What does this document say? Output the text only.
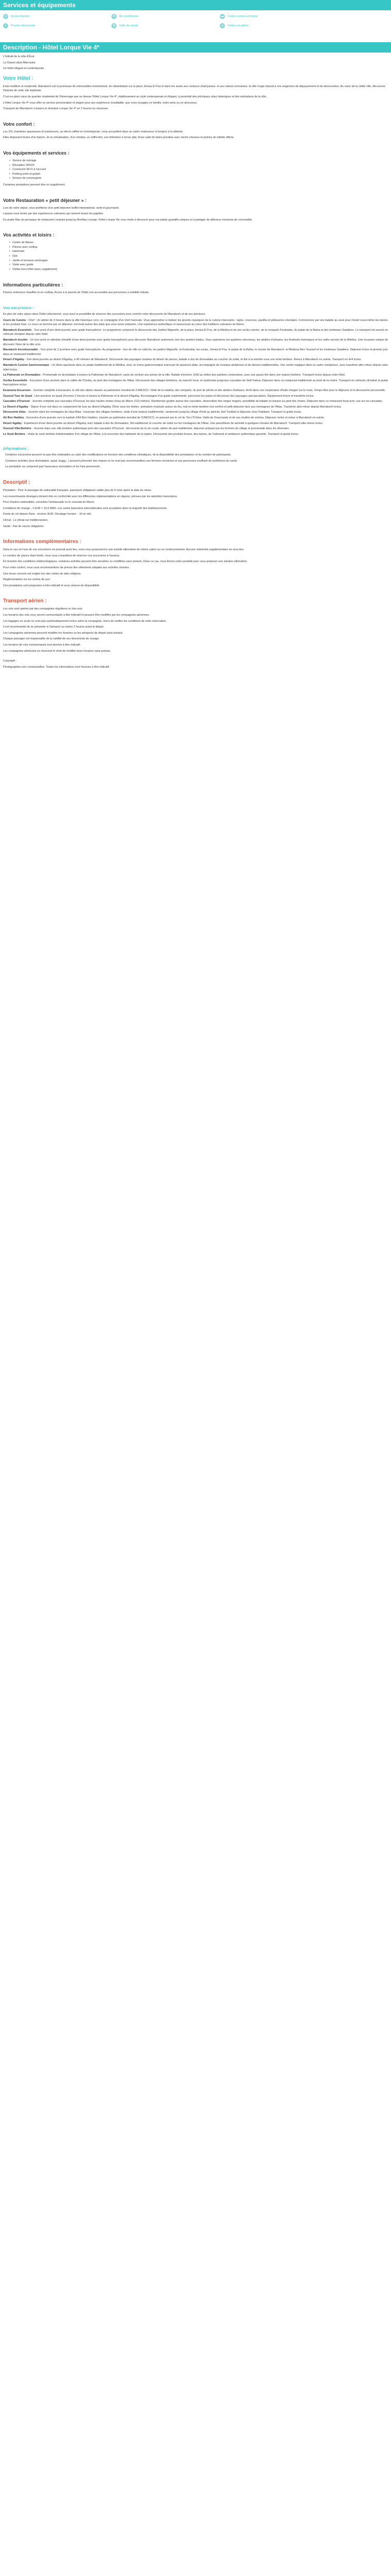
Services et équipements
◎	Accès Internet	❄	Air conditionné	▬	Centre remise en forme
≈	Piscine découverte	■	Salle de sports	▲	Visites en option
Description - Hôtel Lorque Vie 4*
L'Intitulé de la ville d'Évra
La Grand cabot Marrouise
Un hôtel élégant et contemporain
Votre Hôtel :
Entre tradition et modernité, Marrakech est la promesse de mémorables évènements. En déambulant sur la place Jemaa El Fna et dans les souks aux couleurs chatoyantes, et aux odeurs enivrantes, la ville rouge répond à vos exigences de dépaysement et de découvertes. Au cœur de la vieille ville, découvrez l'histoire de cette cité impériale.
C'est en plein cœur du quartier résidentiel de l'Hivernage que se dresse l'hôtel Lorque Vie 4*, établissement au style contemporain et élégant, à proximité des principaux sites historiques et des animations de la ville.
L'hôtel Lorque Vie 4* vous offre un service personnalisé et soigné pour une expérience inoubliable, que vous voyagiez en famille, entre amis ou en amoureux.
Transport de Marrakech à travers le domaine Lorque Vie 4* en 2 heures en moyenne.
Votre confort :
Les 151 chambres spacieuses et lumineuses, au décor raffiné et contemporain, vous accueillent dans un cadre chaleureux et propice à la détente.
Elles disposent toutes d'un balcon, de la climatisation, d'un minibar, un coffre-fort, une télévision à écran plat, d'une salle de bains privative avec sèche-cheveux et articles de toilette offerts.
Vos équipements et services :
• Service de ménage
• Réception 24h/24
• Connexion Wi-Fi à l'accueil
• Parking privé et gratuit
• Service de conciergerie
Certaines prestations peuvent être en supplément.
Votre Restauration « petit déjeuner » :
Lors de votre séjour, vous profiterez d'un petit déjeuner buffet international, varié et gourmand.
Laissez-vous tenter par des expériences culinaires qui raviront toutes les papilles.
Du pirate Mac du persaque de restaurant Lorquies jusqu'au Rooftop Lounge, l'hôtel Lorque Vie vous invite à découvrir pour vos plaisir gustatifs uniques et à partager de délicieux moments de convivialité.
Vos activités et loisirs :
• Centre de fitness
• Piscine avec rooftop
• Hammam
• Spa
• Jardin et terrasse aménagés
• Visite avec guide
• Visites hors hôtel (avec supplément)
Informations particulières :
Piscine extérieure chauffée et en rooftop. Accès à la piscine de l'hôtel non accessible aux personnes à mobilité réduite.
Vos excursions :
En plus de votre séjour dans l'hôtel sélectionné, vous avez la possibilité de réserver des excursions pour enrichir votre découverte de Marrakech et de ses alentours.
Cours de Cuisine - Chef : Un atelier de 3 heures dans la ville historique ocre, en compagnie d'un chef marocain. Vous apprendrez à réaliser les grands classiques de la cuisine marocaine : tajine, couscous, pastilla et pâtisseries orientales. Commencez par une balade au souk pour choisir vous-même les épices et les produits frais. Le cours se termine par un déjeuner convivial autour des plats que vous aurez préparés. Une expérience authentique et savoureuse au cœur des traditions culinaires du Maroc.
Marrakech Essentiels - Tour privé d'une demi-journée avec guide francophone. Le programme comprend la découverte des Jardins Majorelle, de la place Jemaa El Fna, de la Médina et de ses souks colorés, de la mosquée Koutoubia, du palais de la Bahia et des tombeaux Saadiens. Le transport est assuré en véhicule climatisé depuis votre hôtel.
Marrakech Insolite - Un tour privé et intimiste (émaillé d'une demi-journée avec guide francophone) pour découvrir Marrakech autrement, loin des sentiers battus. Vous explorerez les quartiers méconnus, les ateliers d'artisans, les fondouks historiques et les cafés secrets de la Médina. Une occasion unique de découvrir l'âme de la ville ocre.
Marrakech Incontournable - Tour privé de 2 journées avec guide francophone. Au programme : tour de ville en calèche, les jardins Majorelle, la Koutoubia, les souks, Jemaa El Fna, le palais de la Bahia, le musée de Marrakech, la Médersa Ben Youssef et les tombeaux Saadiens. Déjeuner inclus le premier jour dans un restaurant traditionnel.
Désert d'Agafay - Une demi-journée au désert d'Agafay, à 40 minutes de Marrakech. Découverte des paysages lunaires du désert de pierres, balade à dos de dromadaire au coucher du soleil, et thé à la menthe sous une tente berbère. Retour à Marrakech en soirée. Transport en 4x4 inclus.
Marrakech Cuisine Gastronomique - Un dîner-spectacle dans un palais traditionnel de la Médina, avec un menu gastronomique marocain de plusieurs plats, accompagné de musique andalouse et de danses traditionnelles. Une soirée magique dans un cadre somptueux, avec transferts aller-retour depuis votre hôtel inclus.
La Palmeraie en Dromadaire - Promenade en dromadaire à travers la Palmeraie de Marrakech, oasis de verdure aux portes de la ville. Balade d'environ 1h30 au milieu des palmiers centenaires, avec une pause thé dans une maison berbère. Transport inclus depuis votre hôtel.
Ourika Essentielle - Excursion d'une journée dans la vallée de l'Ourika, au pied des montagnes de l'Atlas. Découverte des villages berbères, du marché local, et randonnée jusqu'aux cascades de Setti Fatma. Déjeuner dans un restaurant traditionnel au bord de la rivière. Transport en véhicule climatisé et guide francophone inclus.
Essaouira Excursion - Journée complète à Essaouira, la cité des alizés classée au patrimoine mondial de l'UNESCO. Visite de la médina, des remparts, du port de pêche et des ateliers d'artisans. Arrêt dans une coopérative d'huile d'argan sur la route. Temps libre pour le déjeuner et la découverte personnelle.
Ouzoud Tour de Quad - Une aventure en quad d'environ 2 heures à travers la Palmeraie et le désert d'Agafay. Accompagné d'un guide expérimenté, parcourez les pistes et découvrez des paysages spectaculaires. Équipement fourni et transferts inclus.
Cascades d'Ouzoud - Journée complète aux cascades d'Ouzoud, les plus hautes chutes d'eau du Maroc (110 mètres). Randonnée guidée autour des cascades, observation des singes magots, possibilité de balade en barque au pied des chutes. Déjeuner dans un restaurant local avec vue sur les cascades.
Le Désert d'Agafay - Séjour d'une nuit dans un campement de luxe au désert d'Agafay. Dîner sous les étoiles, animation musicale autour du feu, nuit en tente berbère tout confort et petit-déjeuner face aux montagnes de l'Atlas. Transferts aller-retour depuis Marrakech inclus.
Découverte Atlas - Journée dans les montagnes du Haut Atlas : traversée des villages berbères, visite d'une maison traditionnelle, randonnée jusqu'au village d'Imlil au pied du Jbel Toubkal et déjeuner chez l'habitant. Transport et guide inclus.
Ait Ben Haddou - Excursion d'une journée vers la kasbah d'Aït Ben Haddou, classée au patrimoine mondial de l'UNESCO, en passant par le col du Tizi n'Tichka. Visite de Ouarzazate et de ses studios de cinéma. Déjeuner inclus et retour à Marrakech en soirée.
Désert Agafay - Expérience d'une demi-journée au désert d'Agafay avec balade à dos de dromadaire, thé traditionnel et coucher de soleil sur les montagnes de l'Atlas. Une parenthèse de sérénité à quelques minutes de Marrakech. Transport aller-retour inclus.
Ouzoud Villa Berbère - Journée dans une villa berbère authentique près des cascades d'Ouzoud : découverte de la vie rurale, atelier de pain traditionnel, déjeuner préparé par les femmes du village et promenade dans les oliveraies.
Le Souk Berbère - Visite du souk berbère hebdomadaire d'un village de l'Atlas, à la rencontre des habitants de la région. Découverte des produits locaux, des épices, de l'artisanat et ambiance authentique garantie. Transport et guide inclus.
Informations :
Certaines excursions peuvent ne pas être réalisables ou subir des modifications en fonction des conditions climatiques, de la disponibilité des prestataires et du nombre de participants.
Certaines activités (tour dromadaire, quad, buggy...) peuvent présenter des risques et ne sont pas recommandées aux femmes enceintes et aux personnes souffrant de problèmes de santé.
La prestation ne comprend pas l'assurance annulation et les frais personnels.
Descriptif :
Prestation : Pour le passager de nationalité française, passeport obligatoire valide plus de 6 mois après la date du retour.
Les ressortissants étrangers doivent être en conformité avec les différentes réglementations en vigueur, prévues par les autorités marocaines.
Pour d'autres nationalités, consultez l'ambassade ou le consulat du Maroc.
Conditions de change : 1 EUR = 10,9 MAD. Les cartes bancaires internationales sont acceptées dans la majorité des établissements.
Durée du vol depuis Paris : environ 3h30. Décalage horaire : -1h en été.
Climat : Le climat est méditerranéen.
Santé : Pas de vaccin obligatoire.
Informations complémentaires :
Dans le cas où l'une de vos excursions ne pourrait avoir lieu, nous vous proposerons une activité alternative de même valeur ou un remboursement. Aucune indemnité supplémentaire ne sera due.
Le nombre de places étant limité, nous vous conseillons de réserver vos excursions à l'avance.
En fonction des conditions météorologiques, certaines activités peuvent être annulées ou modifiées sans préavis. Dans ce cas, nous ferons notre possible pour vous proposer une solution alternative.
Pour votre confort, nous vous recommandons de prévoir des vêtements adaptés aux activités choisies.
Une tenue correcte est exigée lors des visites de sites religieux.
Réglementation sur les sorties de jour.
Ces prestations sont proposées à titre indicatif et sous réserve de disponibilité.
Transport aérien :
Les vols sont opérés par des compagnies régulières ou low cost.
Les horaires des vols vous seront communiqués à titre indicatif et peuvent être modifiés par les compagnies aériennes.
Les bagages en soute ne sont pas systématiquement inclus selon la compagnie, merci de vérifier les conditions de votre réservation.
Il est recommandé de se présenter à l'aéroport au moins 2 heures avant le départ.
Les compagnies aériennes peuvent modifier les horaires ou les aéroports de départ sans préavis.
Chaque passager est responsable de la validité de ses documents de voyage.
Les horaires de vols communiqués sont donnés à titre indicatif.
Les compagnies aériennes se réservent le droit de modifier leurs horaires sans préavis.
Copyright :
Photographies non contractuelles. Toutes les informations sont fournies à titre indicatif.
